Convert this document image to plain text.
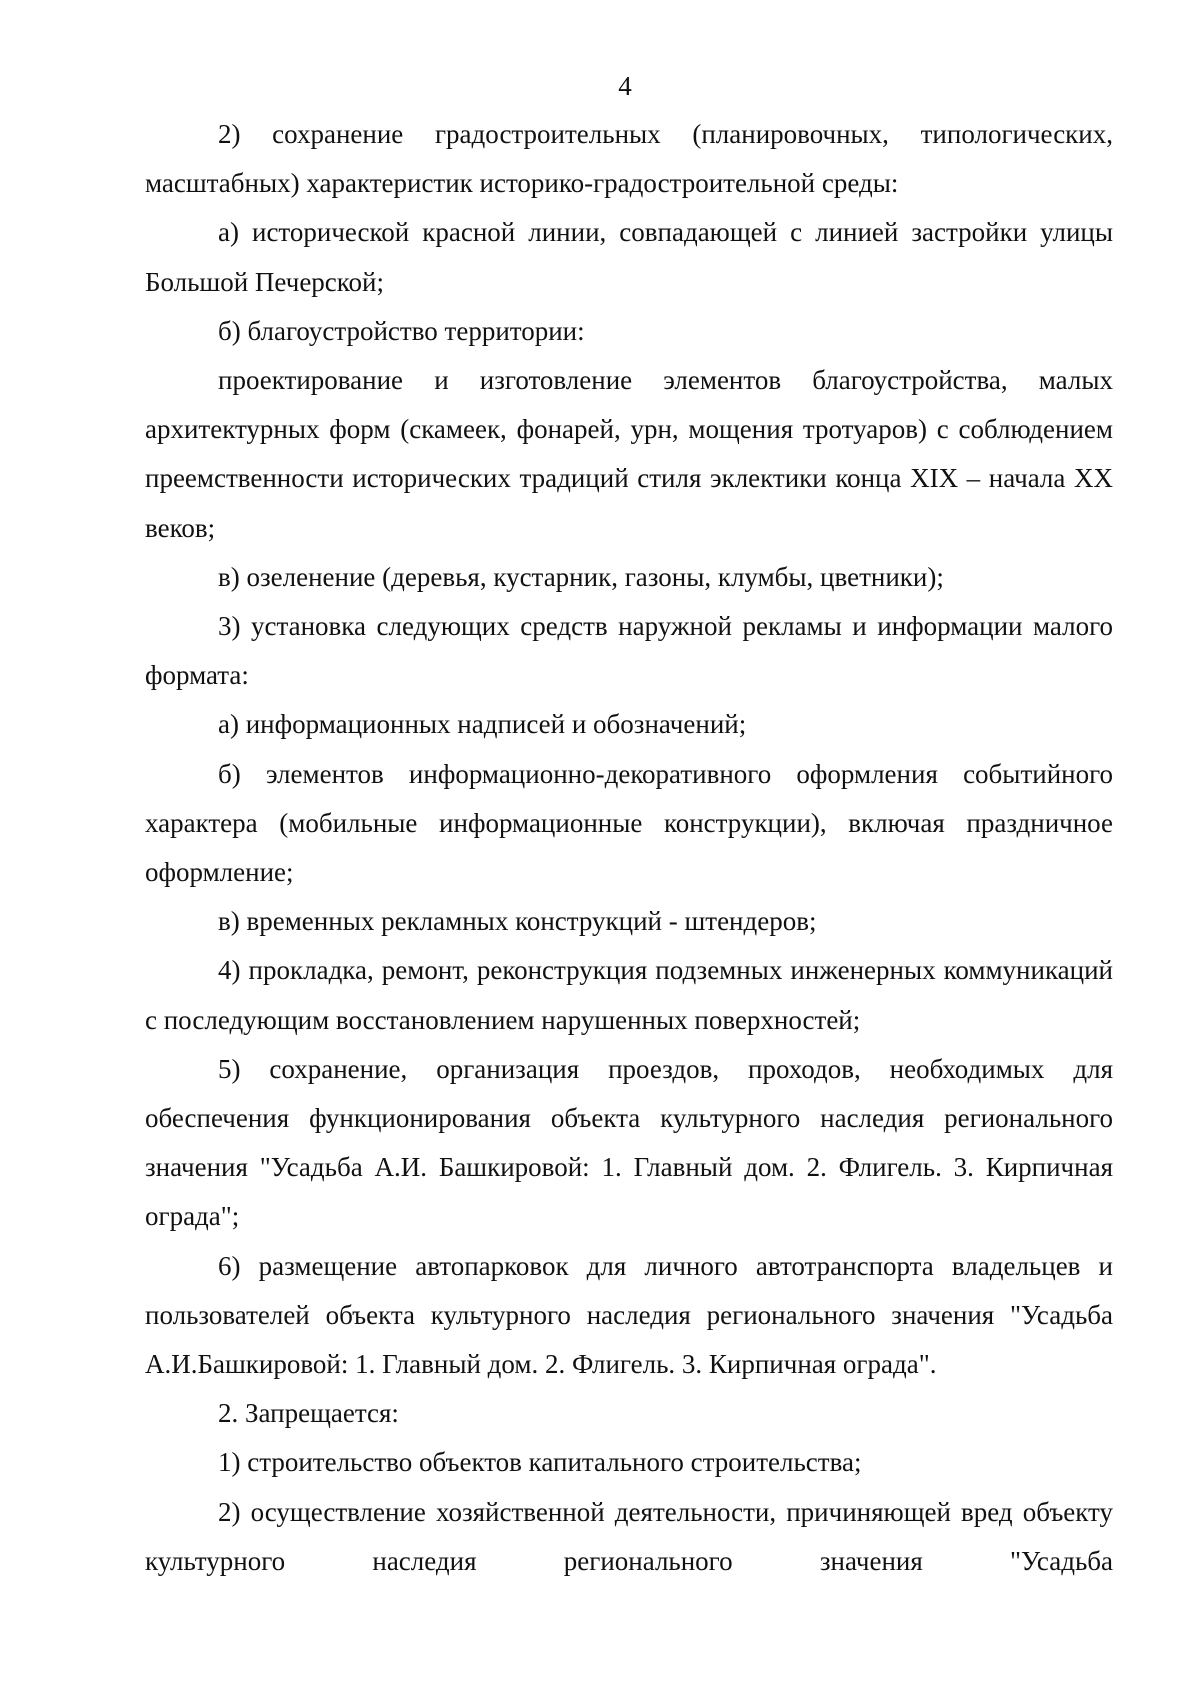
4

2) сохранение градостроительных (планировочных, типологических, масштабных) характеристик историко-градостроительной среды:

а) исторической красной линии, совпадающей с линией застройки улицы Большой Печерской;

б) благоустройство территории:

проектирование и изготовление элементов благоустройства, малых архитектурных форм (скамеек, фонарей, урн, мощения тротуаров) с соблюдением преемственности исторических традиций стиля эклектики конца XIX – начала XX веков;

в) озеленение (деревья, кустарник, газоны, клумбы, цветники);

3) установка следующих средств наружной рекламы и информации малого формата:

а) информационных надписей и обозначений;

б) элементов информационно-декоративного оформления событийного характера (мобильные информационные конструкции), включая праздничное оформление;

в) временных рекламных конструкций - штендеров;

4) прокладка, ремонт, реконструкция подземных инженерных коммуникаций с последующим восстановлением нарушенных поверхностей;

5) сохранение, организация проездов, проходов, необходимых для обеспечения функционирования объекта культурного наследия регионального значения "Усадьба А.И. Башкировой: 1. Главный дом. 2. Флигель. 3. Кирпичная ограда";

6) размещение автопарковок для личного автотранспорта владельцев и пользователей объекта культурного наследия регионального значения "Усадьба А.И.Башкировой: 1. Главный дом. 2. Флигель. 3. Кирпичная ограда".

2. Запрещается:

1) строительство объектов капитального строительства;

2) осуществление хозяйственной деятельности, причиняющей вред объекту культурного наследия регионального значения "Усадьба
